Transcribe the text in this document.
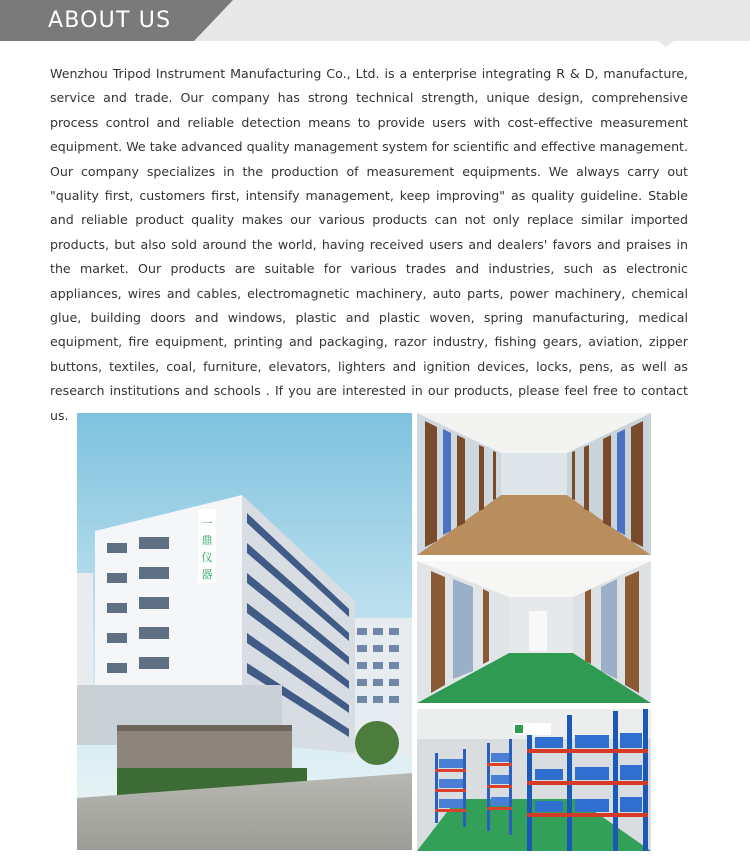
ABOUT US

Wenzhou Tripod Instrument Manufacturing Co., Ltd. is a enterprise integrating R & D, manufacture, service and trade. Our company has strong technical strength, unique design, comprehensive process control and reliable detection means to provide users with cost-effective measurement equipment. We take advanced quality management system for scientific and effective management. Our company specializes in the production of measurement equipments. We always carry out "quality first, customers first, intensify management, keep improving" as quality guideline. Stable and reliable product quality makes our various products can not only replace similar imported products, but also sold around the world, having received users and dealers' favors and praises in the market. Our products are suitable for various trades and industries, such as electronic appliances, wires and cables, electromagnetic machinery, auto parts, power machinery, chemical glue, building doors and windows, plastic and plastic woven, spring manufacturing, medical equipment, fire equipment, printing and packaging, razor industry, fishing gears, aviation, zipper buttons, textiles, coal, furniture, elevators, lighters and ignition devices, locks, pens, as well as research institutions and schools . If you are interested in our products, please feel free to contact us.

一
鼎
仪
器
